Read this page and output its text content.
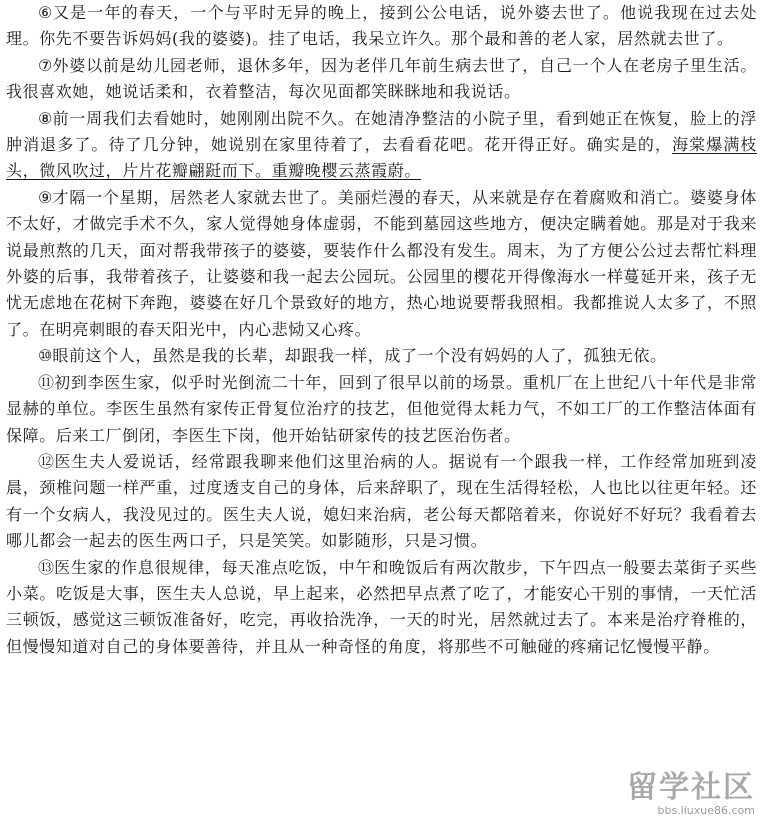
⑥又是一年的春天，一个与平时无异的晚上，接到公公电话，说外婆去世了。他说我现在过去处理。你先不要告诉妈妈(我的婆婆)。挂了电话，我呆立许久。那个最和善的老人家，居然就去世了。

⑦外婆以前是幼儿园老师，退休多年，因为老伴几年前生病去世了，自己一个人在老房子里生活。我很喜欢她，她说话柔和，衣着整洁，每次见面都笑眯眯地和我说话。

⑧前一周我们去看她时，她刚刚出院不久。在她清净整洁的小院子里，看到她正在恢复，脸上的浮肿消退多了。待了几分钟，她说别在家里待着了，去看看花吧。花开得正好。确实是的，海棠爆满枝头，微风吹过，片片花瓣翩跹而下。重瓣晚樱云蒸霞蔚。

⑨才隔一个星期，居然老人家就去世了。美丽烂漫的春天，从来就是存在着腐败和消亡。婆婆身体不太好，才做完手术不久，家人觉得她身体虚弱，不能到墓园这些地方，便决定瞒着她。那是对于我来说最煎熬的几天，面对帮我带孩子的婆婆，要装作什么都没有发生。周末，为了方便公公过去帮忙料理外婆的后事，我带着孩子，让婆婆和我一起去公园玩。公园里的樱花开得像海水一样蔓延开来，孩子无忧无虑地在花树下奔跑，婆婆在好几个景致好的地方，热心地说要帮我照相。我都推说人太多了，不照了。在明亮刺眼的春天阳光中，内心悲恸又心疼。

⑩眼前这个人，虽然是我的长辈，却跟我一样，成了一个没有妈妈的人了，孤独无依。

⑪初到李医生家，似乎时光倒流二十年，回到了很早以前的场景。重机厂在上世纪八十年代是非常显赫的单位。李医生虽然有家传正骨复位治疗的技艺，但他觉得太耗力气，不如工厂的工作整洁体面有保障。后来工厂倒闭，李医生下岗，他开始钻研家传的技艺医治伤者。

⑫医生夫人爱说话，经常跟我聊来他们这里治病的人。据说有一个跟我一样，工作经常加班到凌晨，颈椎问题一样严重，过度透支自己的身体，后来辞职了，现在生活得轻松，人也比以往更年轻。还有一个女病人，我没见过的。医生夫人说，媳妇来治病，老公每天都陪着来，你说好不好玩？我看着去哪儿都会一起去的医生两口子，只是笑笑。如影随形，只是习惯。

⑬医生家的作息很规律，每天准点吃饭，中午和晚饭后有两次散步，下午四点一般要去菜街子买些小菜。吃饭是大事，医生夫人总说，早上起来，必然把早点煮了吃了，才能安心干别的事情，一天忙活三顿饭，感觉这三顿饭准备好，吃完，再收拾洗净，一天的时光，居然就过去了。本来是治疗脊椎的，但慢慢知道对自己的身体要善待，并且从一种奇怪的角度，将那些不可触碰的疼痛记忆慢慢平静。

留学社区
bbs.liuxue86.com
